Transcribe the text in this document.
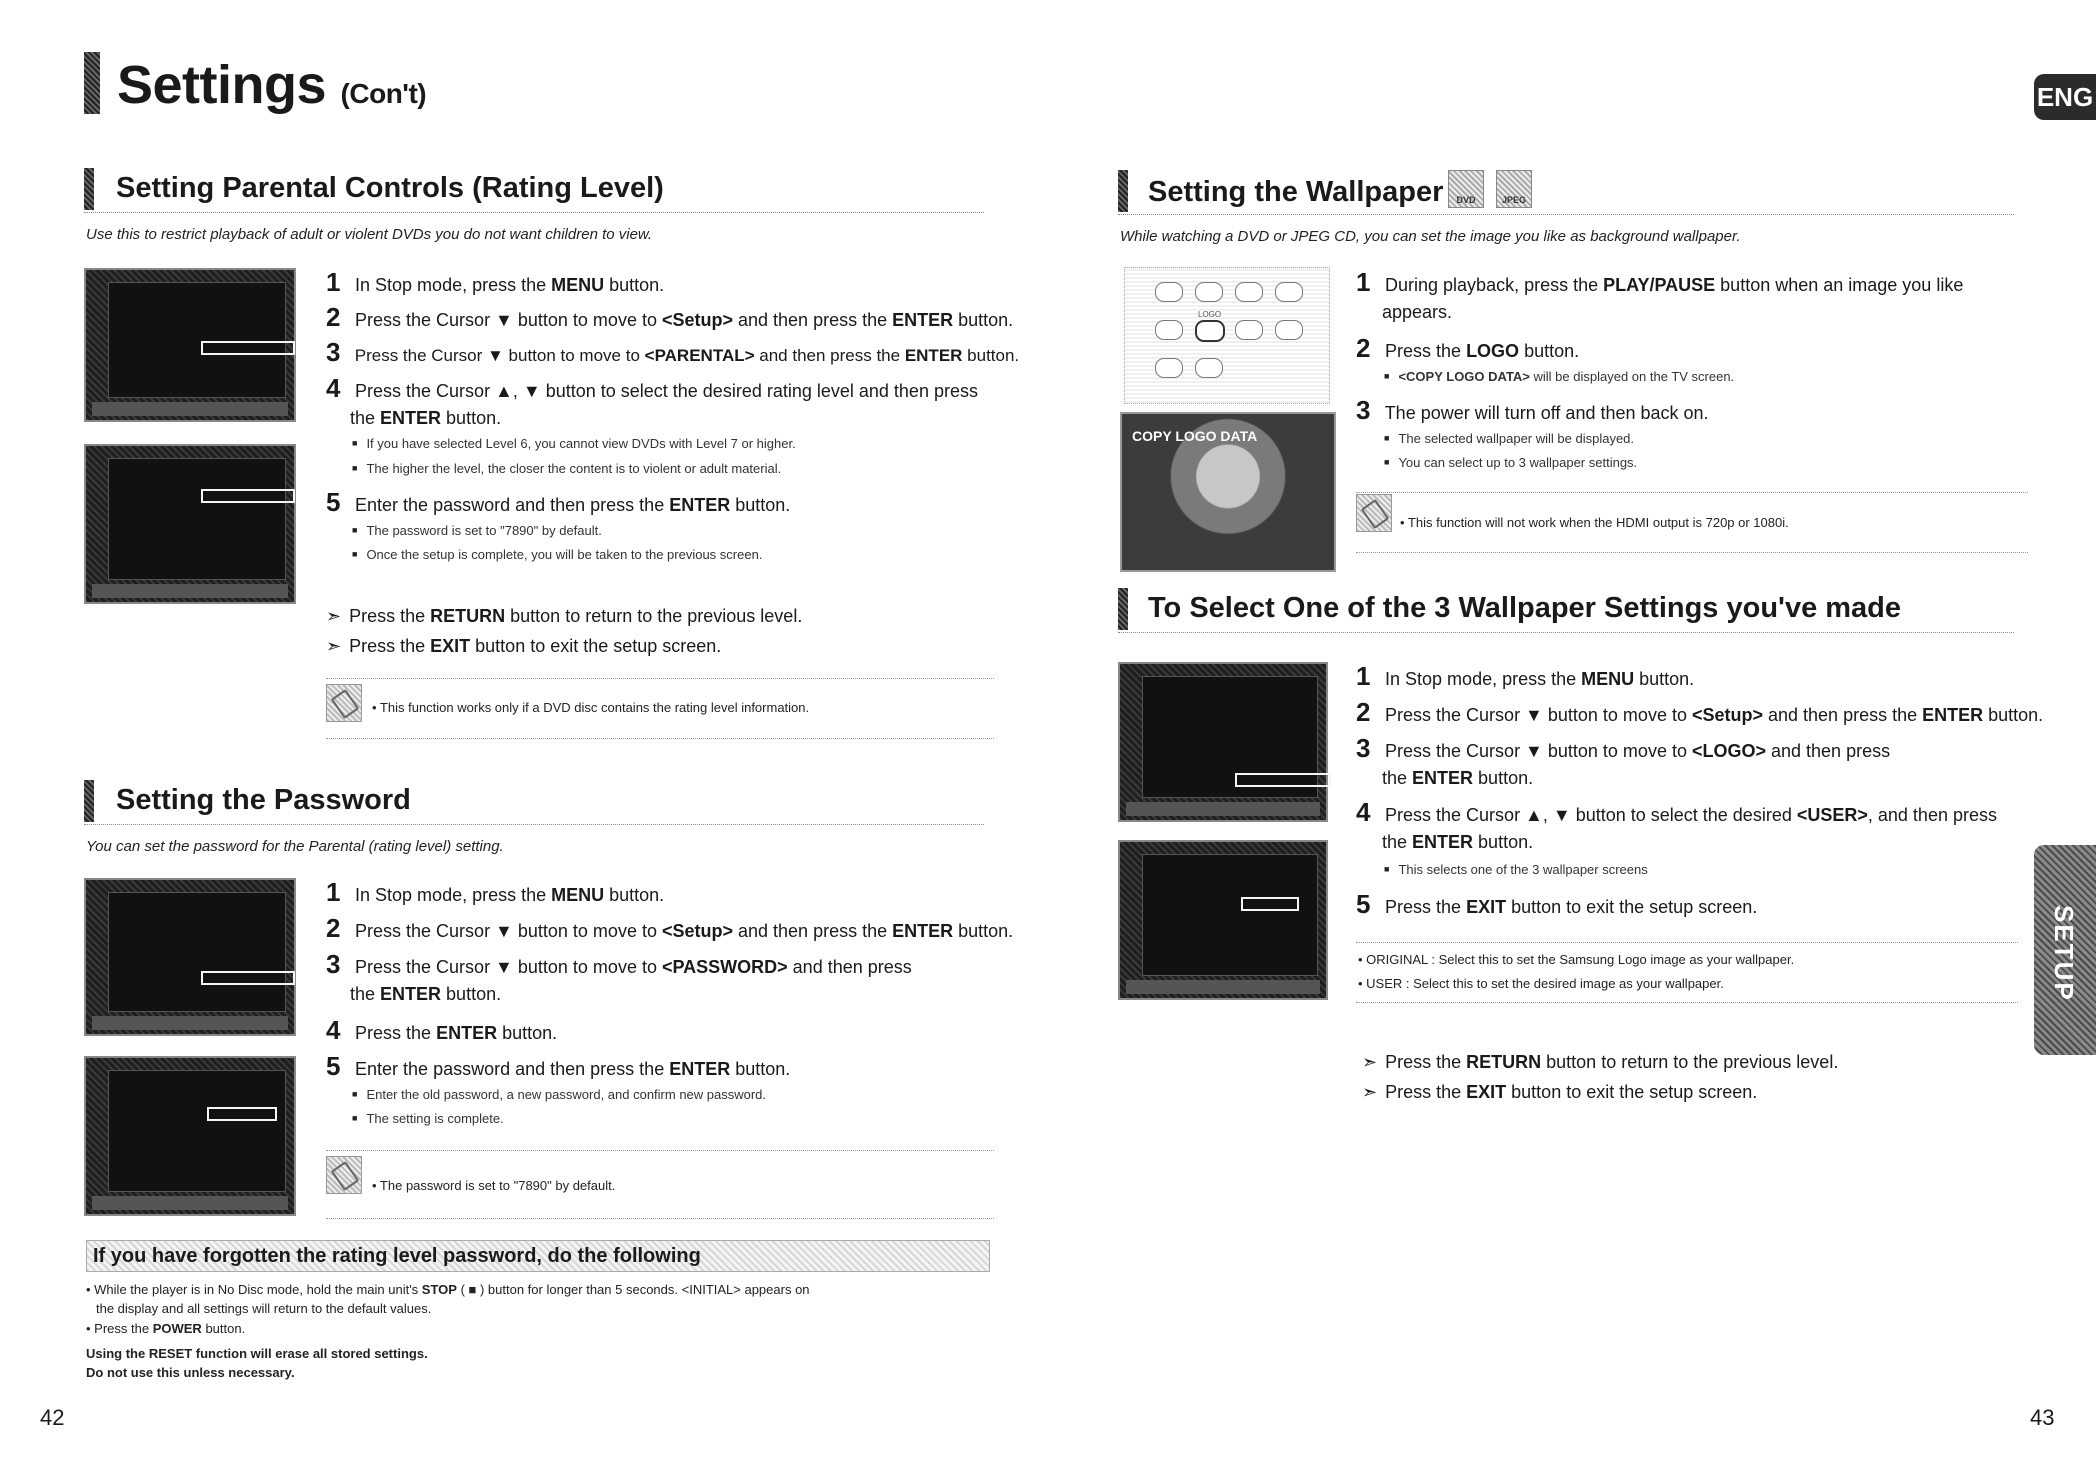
Settings (Con't)	ENG
Setting Parental Controls (Rating Level)
Use this to restrict playback of adult or violent DVDs you do not want children to view.
1 In Stop mode, press the MENU button.
2 Press the Cursor ▼ button to move to <Setup> and then press the ENTER button.
3 Press the Cursor ▼ button to move to <PARENTAL> and then press the ENTER button.
4 Press the Cursor ▲, ▼ button to select the desired rating level and then press
the ENTER button.
■ If you have selected Level 6, you cannot view DVDs with Level 7 or higher.
■ The higher the level, the closer the content is to violent or adult material.
5 Enter the password and then press the ENTER button.
■ The password is set to "7890" by default.
■ Once the setup is complete, you will be taken to the previous screen.
➣ Press the RETURN button to return to the previous level.
➣ Press the EXIT button to exit the setup screen.
• This function works only if a DVD disc contains the rating level information.
Setting the Password
You can set the password for the Parental (rating level) setting.
1 In Stop mode, press the MENU button.
2 Press the Cursor ▼ button to move to <Setup> and then press the ENTER button.
3 Press the Cursor ▼ button to move to <PASSWORD> and then press
the ENTER button.
4 Press the ENTER button.
5 Enter the password and then press the ENTER button.
■ Enter the old password, a new password, and confirm new password.
■ The setting is complete.
• The password is set to "7890" by default.
If you have forgotten the rating level password, do the following
• While the player is in No Disc mode, hold the main unit's STOP ( ■ ) button for longer than 5 seconds. <INITIAL> appears on
the display and all settings will return to the default values.
• Press the POWER button.
Using the RESET function will erase all stored settings.
Do not use this unless necessary.
42
Setting the Wallpaper	DVD	JPEG
While watching a DVD or JPEG CD, you can set the image you like as background wallpaper.
LOGO
COPY LOGO DATA
1 During playback, press the PLAY/PAUSE button when an image you like
appears.
2 Press the LOGO button.
■ <COPY LOGO DATA> will be displayed on the TV screen.
3 The power will turn off and then back on.
■ The selected wallpaper will be displayed.
■ You can select up to 3 wallpaper settings.
• This function will not work when the HDMI output is 720p or 1080i.
To Select One of the 3 Wallpaper Settings you've made
1 In Stop mode, press the MENU button.
2 Press the Cursor ▼ button to move to <Setup> and then press the ENTER button.
3 Press the Cursor ▼ button to move to <LOGO> and then press
the ENTER button.
4 Press the Cursor ▲, ▼ button to select the desired <USER>, and then press
the ENTER button.
■ This selects one of the 3 wallpaper screens
5 Press the EXIT button to exit the setup screen.
• ORIGINAL : Select this to set the Samsung Logo image as your wallpaper.
• USER : Select this to set the desired image as your wallpaper.
➣ Press the RETURN button to return to the previous level.
➣ Press the EXIT button to exit the setup screen.
SETUP
43
